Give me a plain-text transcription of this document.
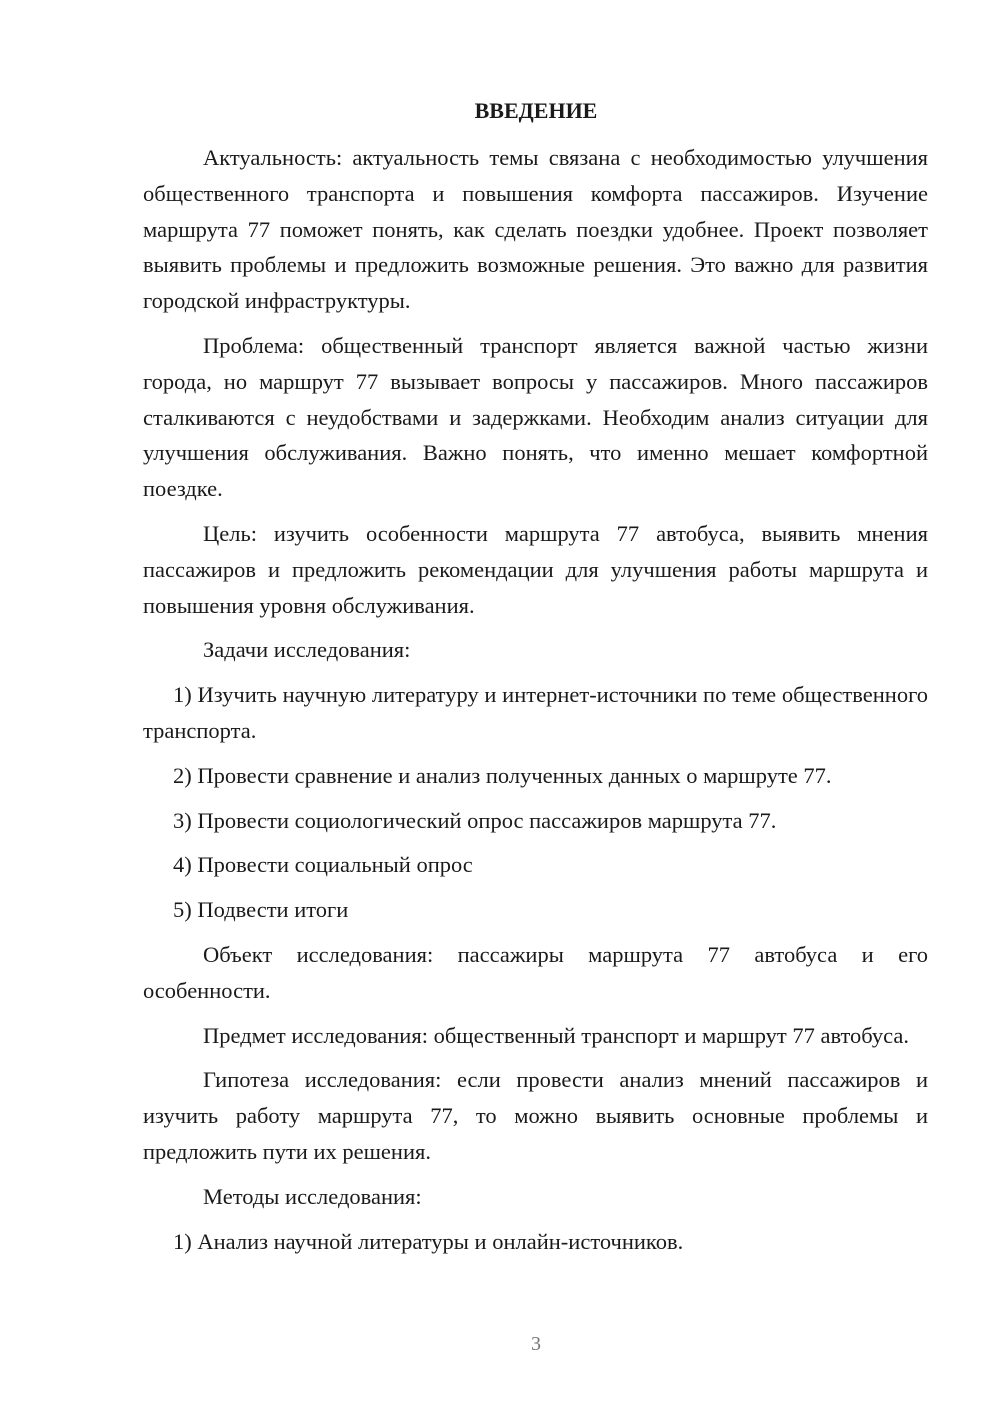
ВВЕДЕНИЕ

Актуальность: актуальность темы связана с необходимостью улучшения общественного транспорта и повышения комфорта пассажиров. Изучение маршрута 77 поможет понять, как сделать поездки удобнее. Проект позволяет выявить проблемы и предложить возможные решения. Это важно для развития городской инфраструктуры.

Проблема: общественный транспорт является важной частью жизни города, но маршрут 77 вызывает вопросы у пассажиров. Много пассажиров сталкиваются с неудобствами и задержками. Необходим анализ ситуации для улучшения обслуживания. Важно понять, что именно мешает комфортной поездке.

Цель: изучить особенности маршрута 77 автобуса, выявить мнения пассажиров и предложить рекомендации для улучшения работы маршрута и повышения уровня обслуживания.

Задачи исследования:

1) Изучить научную литературу и интернет-источники по теме общественного транспорта.

2) Провести сравнение и анализ полученных данных о маршруте 77.

3) Провести социологический опрос пассажиров маршрута 77.

4) Провести социальный опрос

5) Подвести итоги

Объект исследования: пассажиры маршрута 77 автобуса и его особенности.

Предмет исследования: общественный транспорт и маршрут 77 автобуса.

Гипотеза исследования: если провести анализ мнений пассажиров и изучить работу маршрута 77, то можно выявить основные проблемы и предложить пути их решения.

Методы исследования:

1) Анализ научной литературы и онлайн-источников.

3
